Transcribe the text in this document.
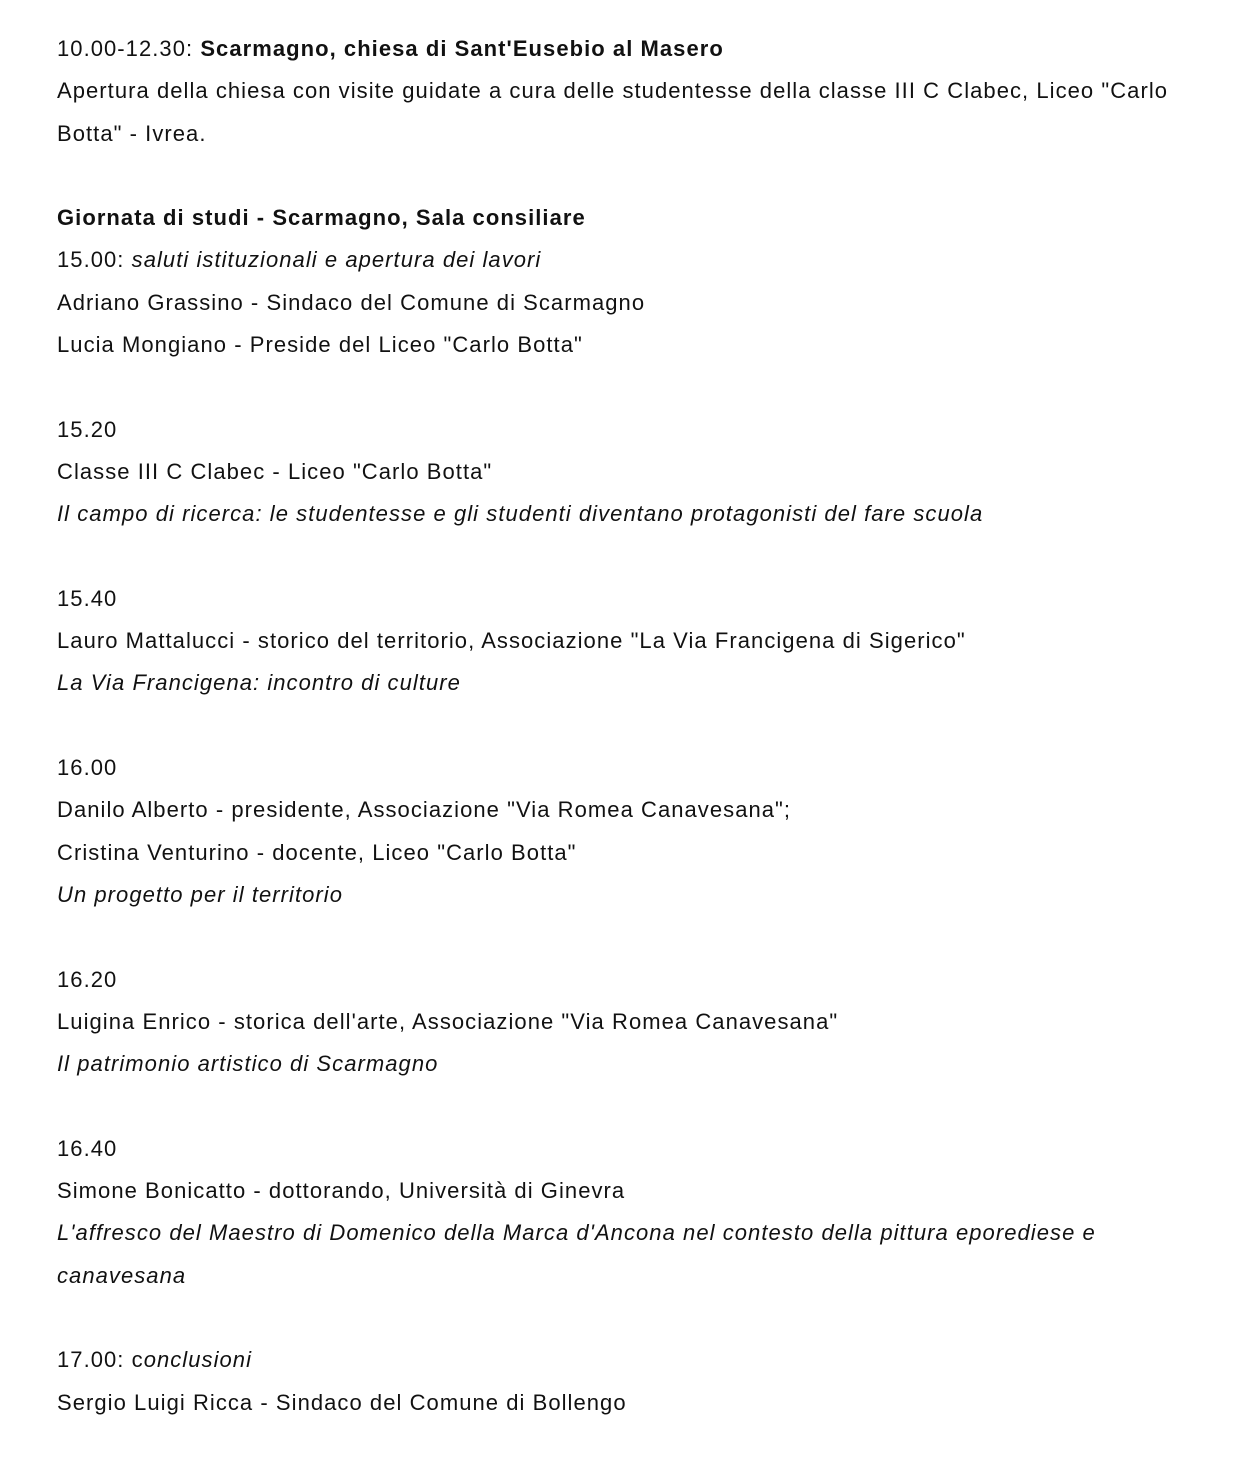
10.00-12.30: Scarmagno, chiesa di Sant'Eusebio al Masero

Apertura della chiesa con visite guidate a cura delle studentesse della classe III C Clabec, Liceo "Carlo Botta" - Ivrea.

Giornata di studi - Scarmagno, Sala consiliare

15.00: saluti istituzionali e apertura dei lavori

Adriano Grassino - Sindaco del Comune di Scarmagno

Lucia Mongiano - Preside del Liceo "Carlo Botta"

15.20

Classe III C Clabec - Liceo "Carlo Botta"

Il campo di ricerca: le studentesse e gli studenti diventano protagonisti del fare scuola

15.40

Lauro Mattalucci - storico del territorio, Associazione "La Via Francigena di Sigerico"

La Via Francigena: incontro di culture

16.00

Danilo Alberto - presidente, Associazione "Via Romea Canavesana";

Cristina Venturino - docente, Liceo "Carlo Botta"

Un progetto per il territorio

16.20

Luigina Enrico - storica dell'arte, Associazione "Via Romea Canavesana"

Il patrimonio artistico di Scarmagno

16.40

Simone Bonicatto - dottorando, Università di Ginevra

L'affresco del Maestro di Domenico della Marca d'Ancona nel contesto della pittura eporediese e canavesana

17.00: conclusioni

Sergio Luigi Ricca - Sindaco del Comune di Bollengo
